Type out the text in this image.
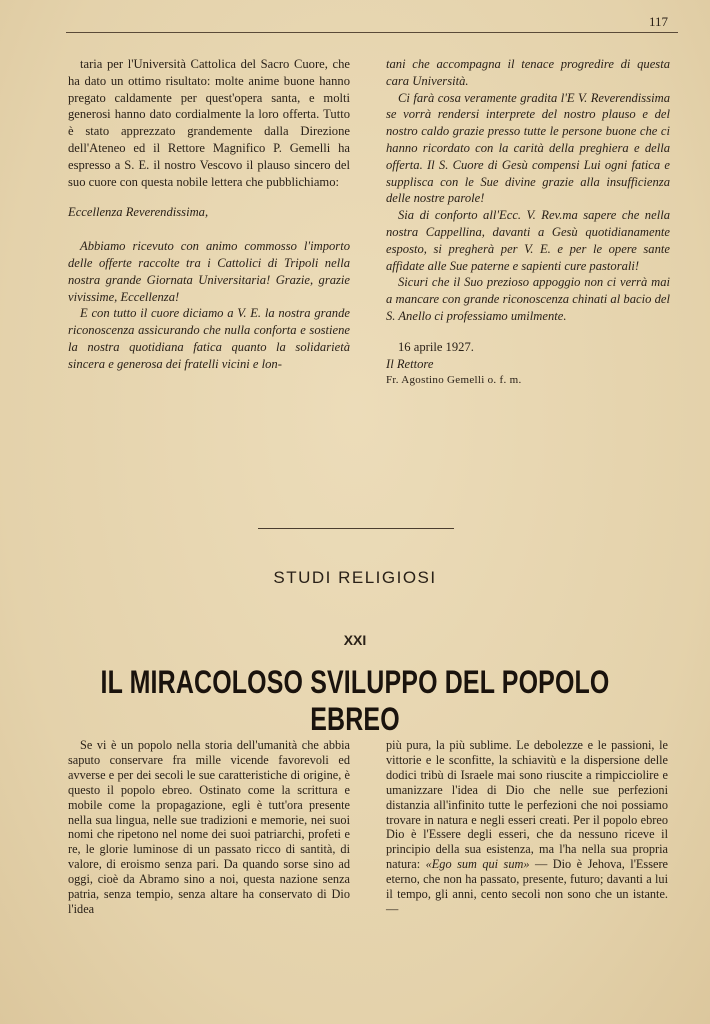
117

taria per l'Università Cattolica del Sacro Cuore, che ha dato un ottimo risultato: molte anime buone hanno pregato caldamente per quest'opera santa, e molti generosi hanno dato cordialmente la loro offerta. Tutto è stato apprezzato grandemente dalla Direzione dell'Ateneo ed il Rettore Magnifico P. Gemelli ha espresso a S. E. il nostro Vescovo il plauso sincero del suo cuore con questa nobile lettera che pubblichiamo:

Eccellenza Reverendissima,

Abbiamo ricevuto con animo commosso l'importo delle offerte raccolte tra i Cattolici di Tripoli nella nostra grande Giornata Universitaria! Grazie, grazie vivissime, Eccellenza!

E con tutto il cuore diciamo a V. E. la nostra grande riconoscenza assicurando che nulla conforta e sostiene la nostra quotidiana fatica quanto la solidarietà sincera e generosa dei fratelli vicini e lon-

tani che accompagna il tenace progredire di questa cara Università.

Ci farà cosa veramente gradita l'E V. Reverendissima se vorrà rendersi interprete del nostro plauso e del nostro caldo grazie presso tutte le persone buone che ci hanno ricordato con la carità della preghiera e della offerta. Il S. Cuore di Gesù compensi Lui ogni fatica e supplisca con le Sue divine grazie alla insufficienza delle nostre parole!

Sia di conforto all'Ecc. V. Rev.ma sapere che nella nostra Cappellina, davanti a Gesù quotidianamente esposto, si pregherà per V. E. e per le opere sante affidate alle Sue paterne e sapienti cure pastorali!

Sicuri che il Suo prezioso appoggio non ci verrà mai a mancare con grande riconoscenza chinati al bacio del S. Anello ci professiamo umilmente.

16 aprile 1927.

Il Rettore

Fr. Agostino Gemelli o. f. m.

STUDI RELIGIOSI
XXI
IL MIRACOLOSO SVILUPPO DEL POPOLO EBREO

Se vi è un popolo nella storia dell'umanità che abbia saputo conservare fra mille vicende favorevoli ed avverse e per dei secoli le sue caratteristiche di origine, è questo il popolo ebreo. Ostinato come la scrittura e mobile come la propagazione, egli è tutt'ora presente nella sua lingua, nelle sue tradizioni e memorie, nei suoi nomi che ripetono nel nome dei suoi patriarchi, profeti e re, le glorie luminose di un passato ricco di santità, di valore, di eroismo senza pari. Da quando sorse sino ad oggi, cioè da Abramo sino a noi, questa nazione senza patria, senza tempio, senza altare ha conservato di Dio l'idea

più pura, la più sublime. Le debolezze e le passioni, le vittorie e le sconfitte, la schiavitù e la dispersione delle dodici tribù di Israele mai sono riuscite a rimpicciolire e umanizzare l'idea di Dio che nelle sue perfezioni distanzia all'infinito tutte le perfezioni che noi possiamo trovare in natura e negli esseri creati. Per il popolo ebreo Dio è l'Essere degli esseri, che da nessuno riceve il principio della sua esistenza, ma l'ha nella sua propria natura: «Ego sum qui sum» — Dio è Jehova, l'Essere eterno, che non ha passato, presente, futuro; davanti a lui il tempo, gli anni, cento secoli non sono che un istante. —
